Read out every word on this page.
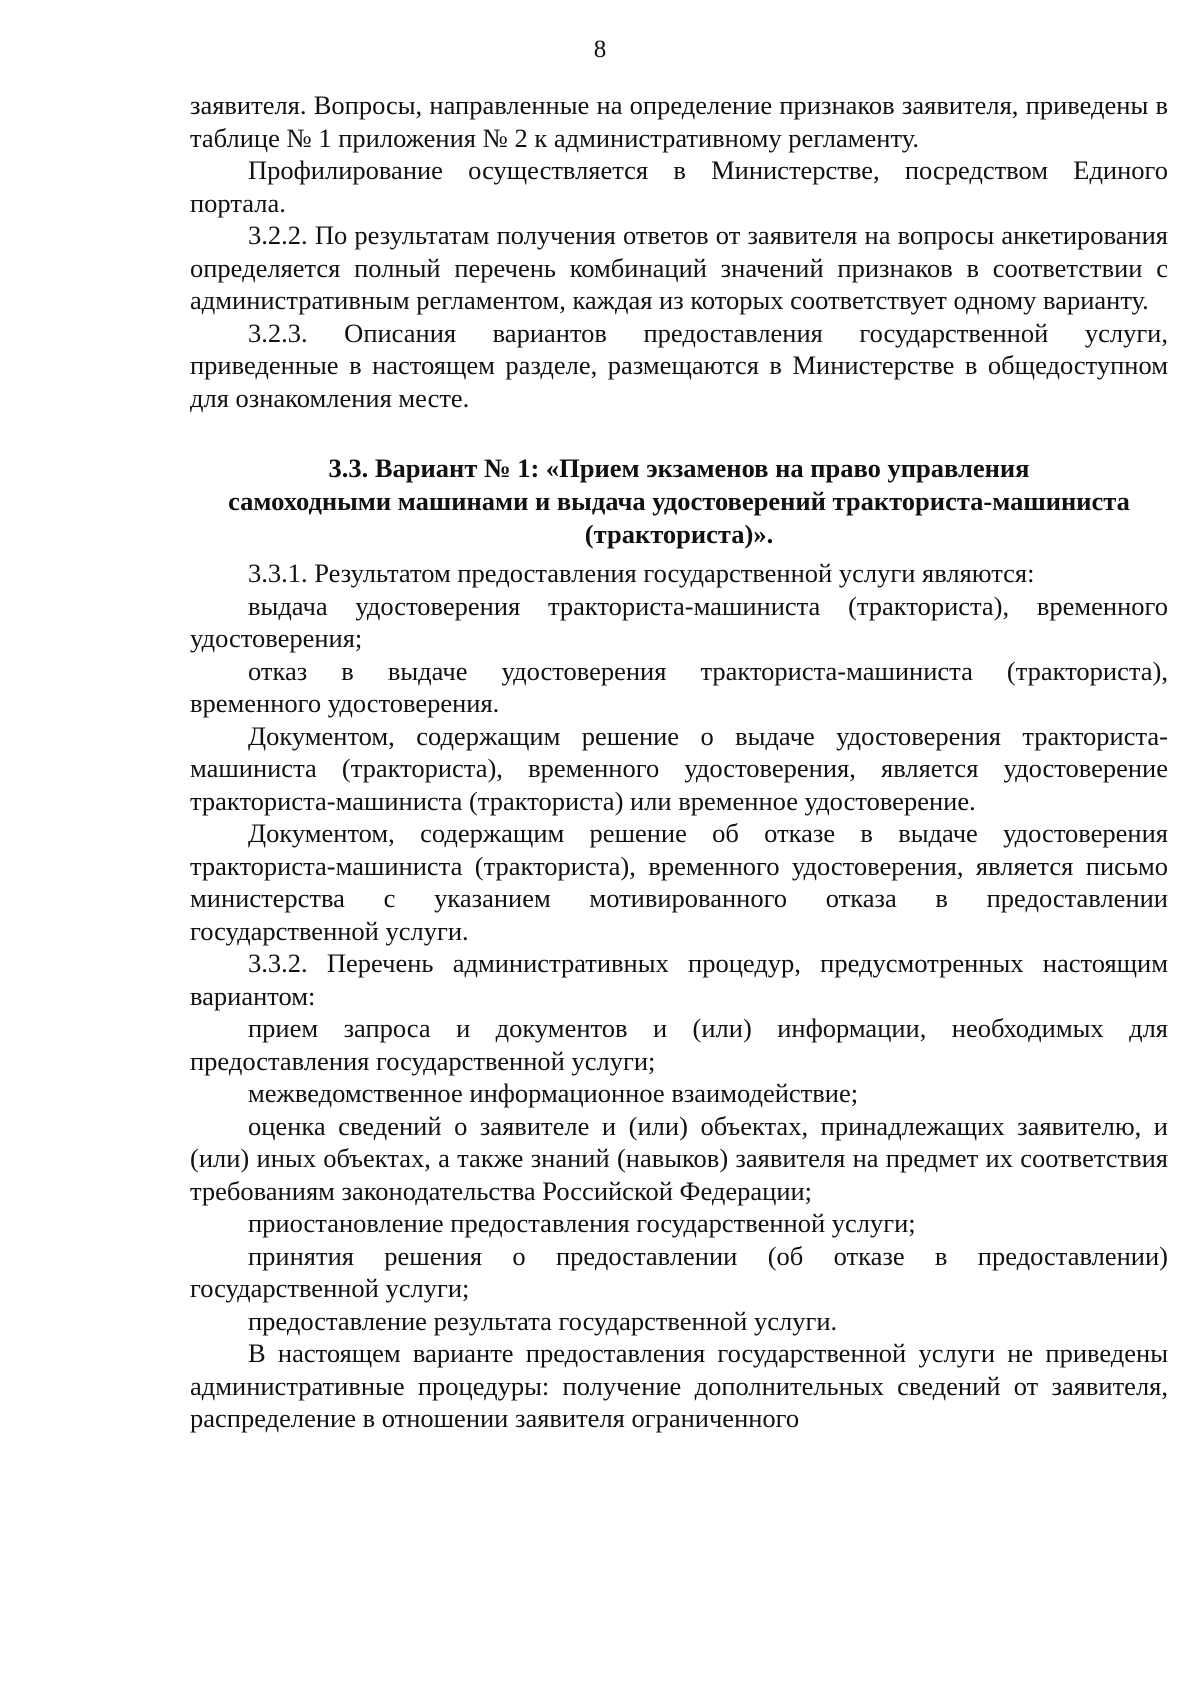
8

заявителя. Вопросы, направленные на определение признаков заявителя, приведены в таблице № 1 приложения № 2 к административному регламенту.

Профилирование осуществляется в Министерстве, посредством Единого портала.

3.2.2. По результатам получения ответов от заявителя на вопросы анкетирования определяется полный перечень комбинаций значений признаков в соответствии с административным регламентом, каждая из которых соответствует одному варианту.

3.2.3. Описания вариантов предоставления государственной услуги, приведенные в настоящем разделе, размещаются в Министерстве в общедоступном для ознакомления месте.

3.3. Вариант № 1: «Прием экзаменов на право управления
самоходными машинами и выдача удостоверений тракториста-машиниста
(тракториста)».

3.3.1. Результатом предоставления государственной услуги являются:

выдача удостоверения тракториста-машиниста (тракториста), временного удостоверения;

отказ в выдаче удостоверения тракториста-машиниста (тракториста), временного удостоверения.

Документом, содержащим решение о выдаче удостоверения тракториста-машиниста (тракториста), временного удостоверения, является удостоверение тракториста-машиниста (тракториста) или временное удостоверение.

Документом, содержащим решение об отказе в выдаче удостоверения тракториста-машиниста (тракториста), временного удостоверения, является письмо министерства с указанием мотивированного отказа в предоставлении государственной услуги.

3.3.2. Перечень административных процедур, предусмотренных настоящим вариантом:

прием запроса и документов и (или) информации, необходимых для предоставления государственной услуги;

межведомственное информационное взаимодействие;

оценка сведений о заявителе и (или) объектах, принадлежащих заявителю, и (или) иных объектах, а также знаний (навыков) заявителя на предмет их соответствия требованиям законодательства Российской Федерации;

приостановление предоставления государственной услуги;

принятия решения о предоставлении (об отказе в предоставлении) государственной услуги;

предоставление результата государственной услуги.

В настоящем варианте предоставления государственной услуги не приведены административные процедуры: получение дополнительных сведений от заявителя, распределение в отношении заявителя ограниченного
